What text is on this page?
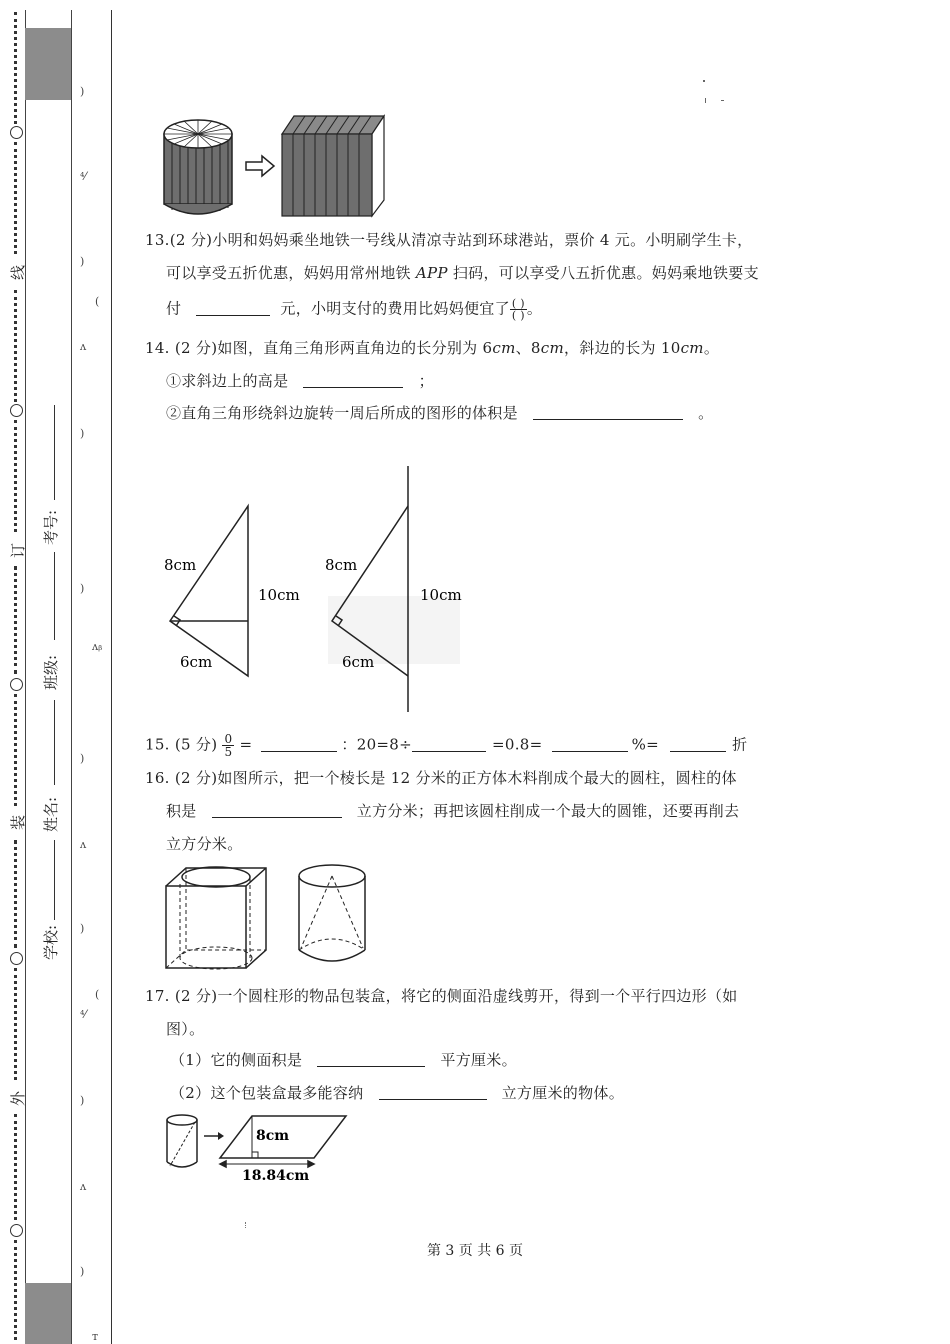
线
订
装
外
考号:
班级:
姓名:
学校:
)
⁴⁄
)
(
ᴧ
)
)
ᴧᵦ
)
ᴧ
)
(
⁴⁄
)
ᴧ
)
ᴛ
13.(2 分)小明和妈妈乘坐地铁一号线从清凉寺站到环球港站，票价 4 元。小明刷学生卡，
可以享受五折优惠，妈妈用常州地铁 APP 扫码，可以享受八五折优惠。妈妈乘地铁要支
付	元，小明支付的费用比妈妈便宜了 $\frac{( )}{( )}$ 。
14. (2 分)如图，直角三角形两直角边的长分别为 6cm、8cm，斜边的长为 10cm。
①求斜边上的高是	；
②直角三角形绕斜边旋转一周后所成的图形的体积是	。
8cm
10cm
6cm
8cm
10cm
6cm
15. (5 分) $\frac{0}{5}$ =	：20=8÷	=0.8=	%=	折
16. (2 分)如图所示，把一个棱长是 12 分米的正方体木料削成个最大的圆柱，圆柱的体
积是	立方分米；再把该圆柱削成一个最大的圆锥，还要再削去
立方分米。
17. (2 分)一个圆柱形的物品包装盒，将它的侧面沿虚线剪开，得到一个平行四边形（如
图）。
（1）它的侧面积是	平方厘米。
（2）这个包装盒最多能容纳	立方厘米的物体。
8cm
18.84cm
第 3 页 共 6 页
